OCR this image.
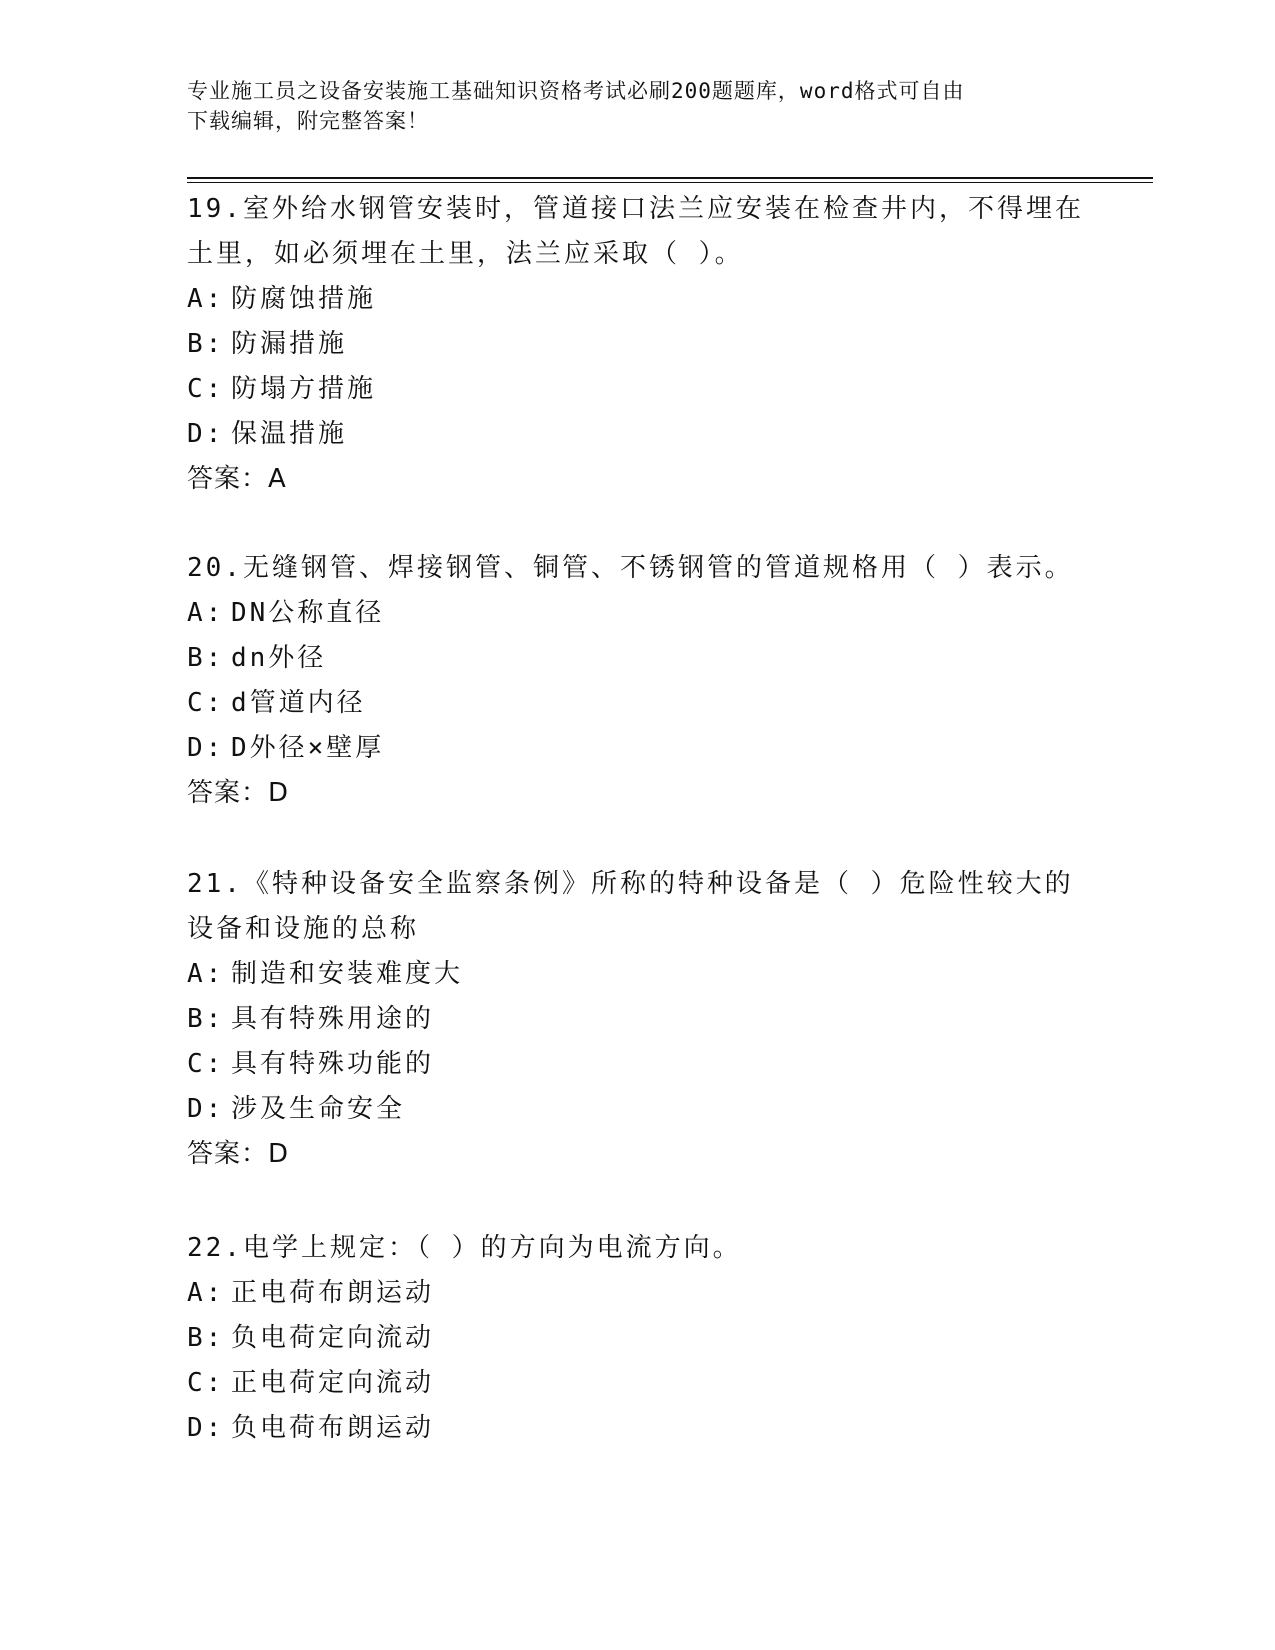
专业施工员之设备安装施工基础知识资格考试必刷200题题库，word格式可自由
下载编辑，附完整答案！
19.室外给水钢管安装时，管道接口法兰应安装在检查井内，不得埋在
土里，如必须埋在土里，法兰应采取（ ）。
A: 防腐蚀措施
B: 防漏措施
C: 防塌方措施
D: 保温措施
答案：A
20.无缝钢管、焊接钢管、铜管、不锈钢管的管道规格用（ ）表示。
A: DN公称直径
B: dn外径
C: d管道内径
D: D外径×壁厚
答案：D
21.《特种设备安全监察条例》所称的特种设备是（ ）危险性较大的
设备和设施的总称
A: 制造和安装难度大
B: 具有特殊用途的
C: 具有特殊功能的
D: 涉及生命安全
答案：D
22.电学上规定：（ ）的方向为电流方向。
A: 正电荷布朗运动
B: 负电荷定向流动
C: 正电荷定向流动
D: 负电荷布朗运动
